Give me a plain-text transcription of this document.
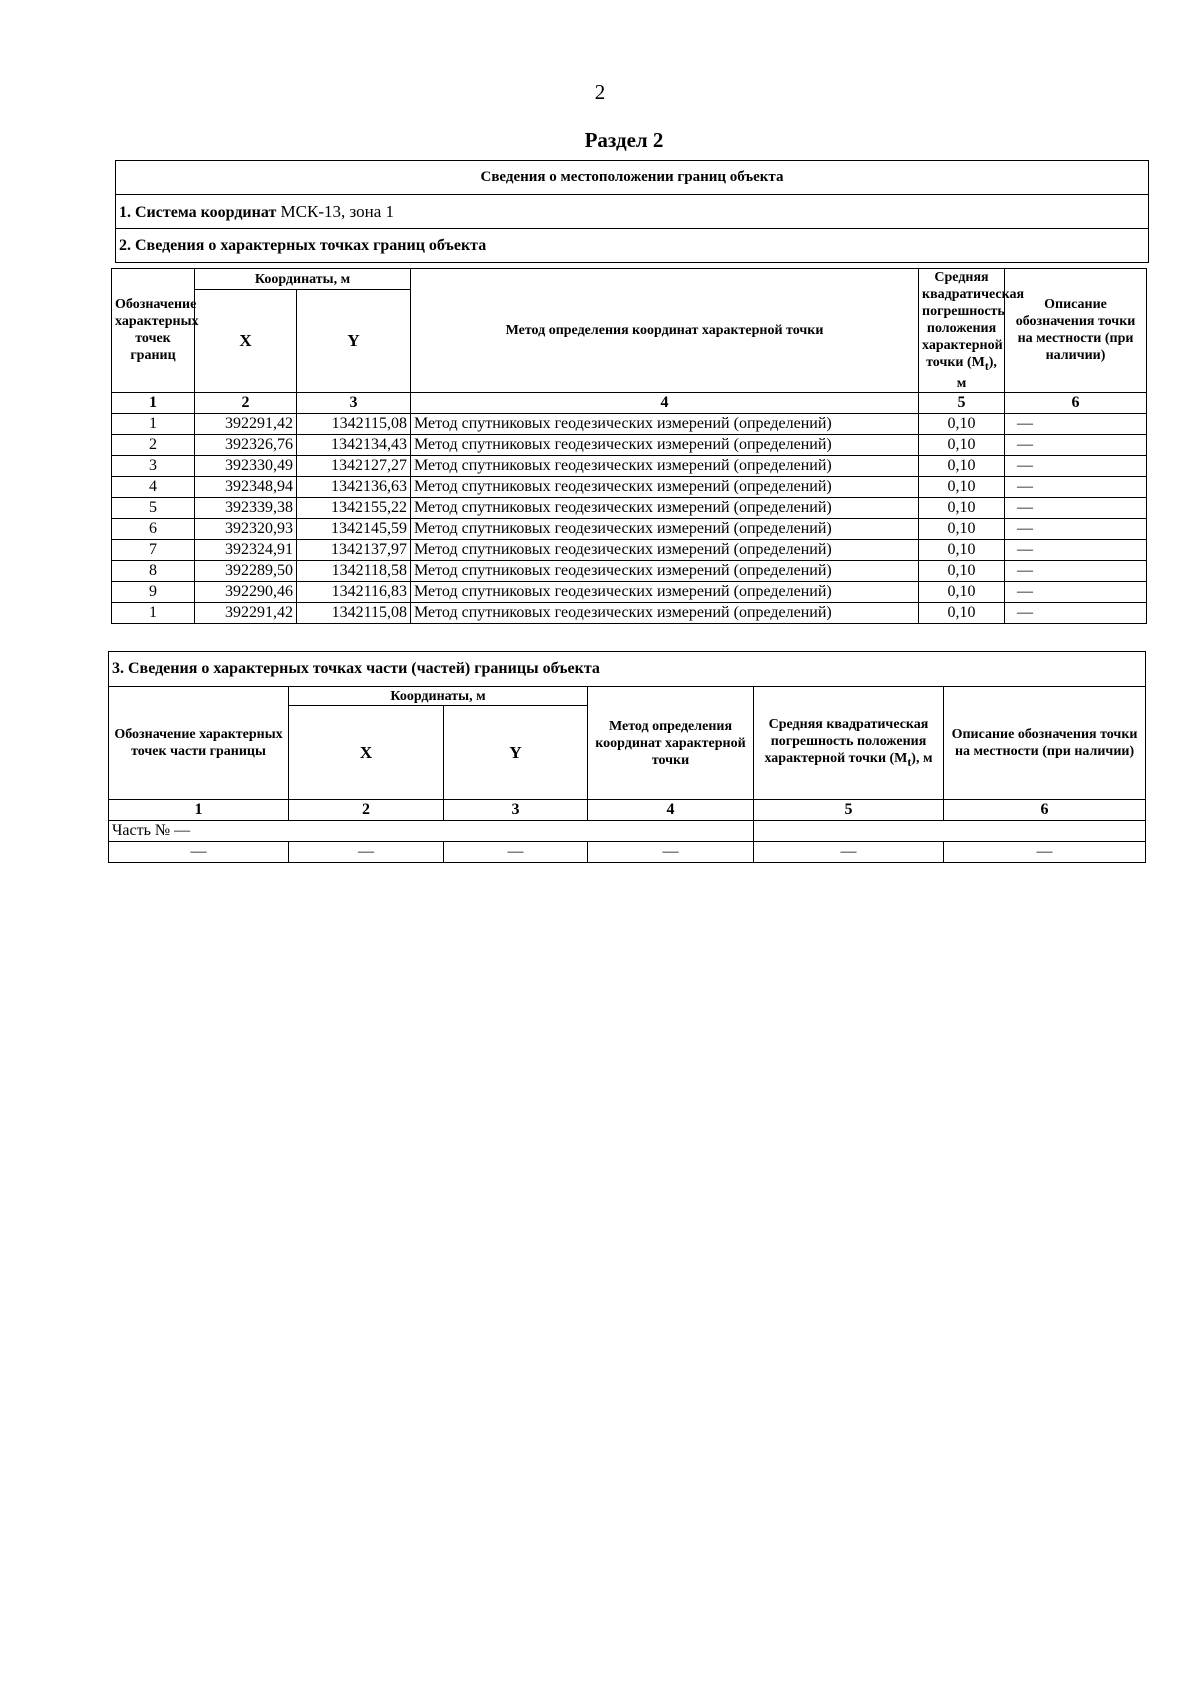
2
Раздел 2
Сведения о местоположении границ объекта
1. Система координат МСК-13, зона 1
2. Сведения о характерных точках границ объекта
Обозначение характерных точек границ	Координаты, м		Метод определения координат характерной точки	Средняя квадратическая погрешность положения характерной точки $(M_t)$, м	Описание обозначения точки на местности (при наличии)
	X	Y			
1	2	3	4	5	6
1	392291,42	1342115,08	Метод спутниковых геодезических измерений (определений)	0,10	—
2	392326,76	1342134,43	Метод спутниковых геодезических измерений (определений)	0,10	—
3	392330,49	1342127,27	Метод спутниковых геодезических измерений (определений)	0,10	—
4	392348,94	1342136,63	Метод спутниковых геодезических измерений (определений)	0,10	—
5	392339,38	1342155,22	Метод спутниковых геодезических измерений (определений)	0,10	—
6	392320,93	1342145,59	Метод спутниковых геодезических измерений (определений)	0,10	—
7	392324,91	1342137,97	Метод спутниковых геодезических измерений (определений)	0,10	—
8	392289,50	1342118,58	Метод спутниковых геодезических измерений (определений)	0,10	—
9	392290,46	1342116,83	Метод спутниковых геодезических измерений (определений)	0,10	—
1	392291,42	1342115,08	Метод спутниковых геодезических измерений (определений)	0,10	—
3. Сведения о характерных точках части (частей) границы объекта					
Обозначение характерных точек части границы	Координаты, м		Метод определения координат характерной точки	Средняя квадратическая погрешность положения характерной точки $(M_t)$, м	Описание обозначения точки на местности (при наличии)
	X	Y			
1	2	3	4	5	6
Часть № —					
—	—	—	—	—	—
